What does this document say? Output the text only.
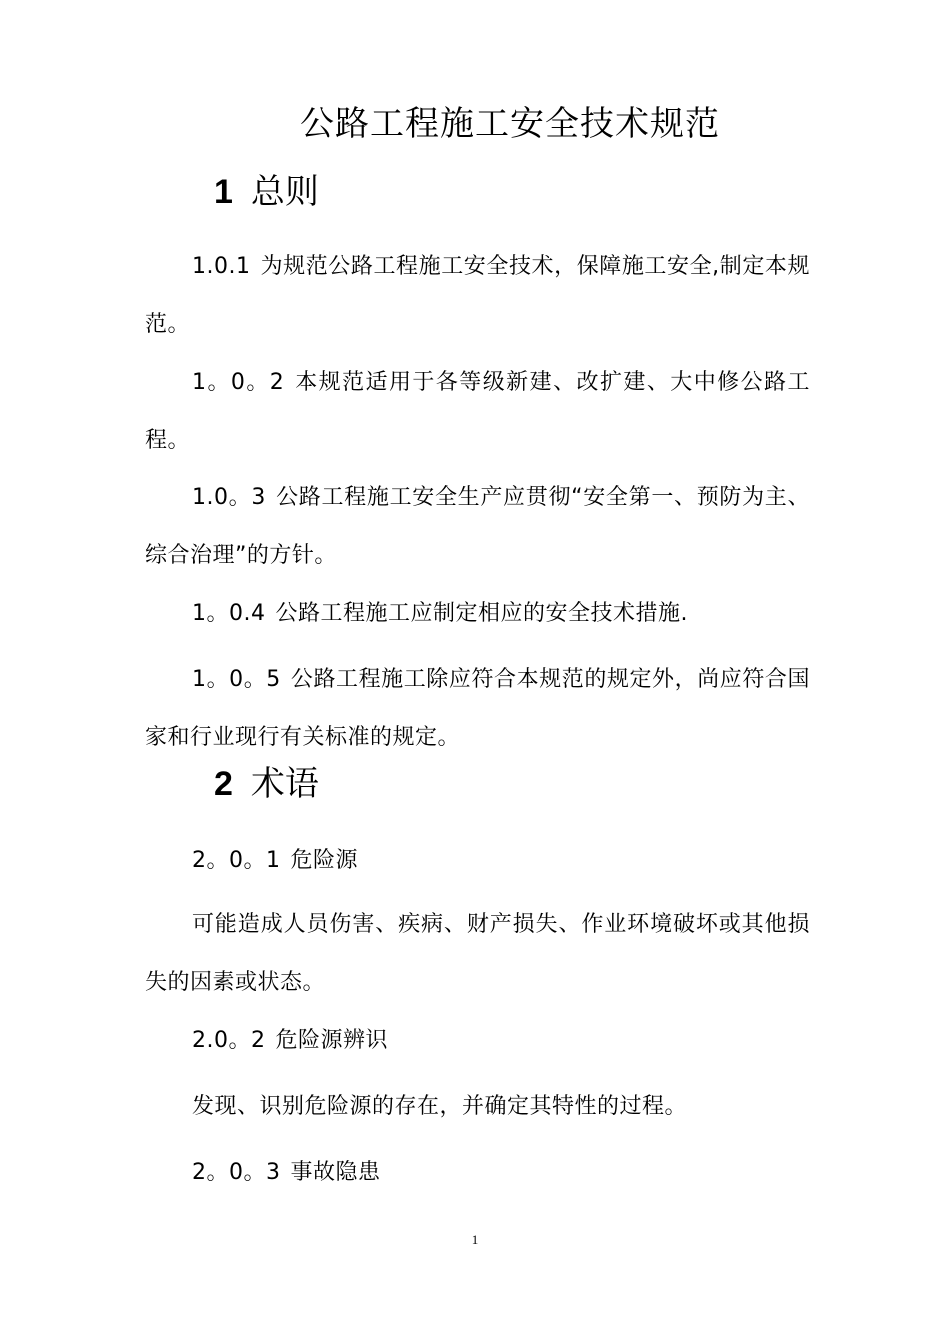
公路工程施工安全技术规范
1 总则
1.0.1 为规范公路工程施工安全技术，保障施工安全,制定本规范。
1。0。2 本规范适用于各等级新建、改扩建、大中修公路工程。
1.0。3 公路工程施工安全生产应贯彻“安全第一、预防为主、综合治理”的方针。
1。0.4 公路工程施工应制定相应的安全技术措施.
1。0。5 公路工程施工除应符合本规范的规定外，尚应符合国家和行业现行有关标准的规定。
2 术语
2。0。1 危险源
可能造成人员伤害、疾病、财产损失、作业环境破坏或其他损失的因素或状态。
2.0。2 危险源辨识
发现、识别危险源的存在，并确定其特性的过程。
2。0。3 事故隐患
1
